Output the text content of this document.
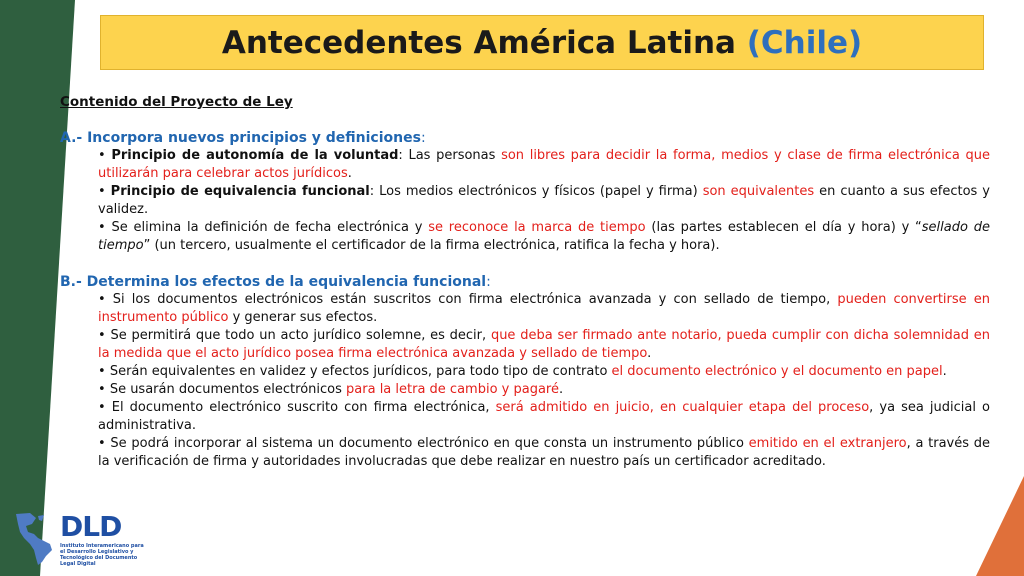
Antecedentes América Latina (Chile)
Contenido del Proyecto de Ley
A.- Incorpora nuevos principios y definiciones:
• Principio de autonomía de la voluntad: Las personas son libres para decidir la forma, medios y clase de firma electrónica que utilizarán para celebrar actos jurídicos.
• Principio de equivalencia funcional: Los medios electrónicos y físicos (papel y firma) son equivalentes en cuanto a sus efectos y validez.
• Se elimina la definición de fecha electrónica y se reconoce la marca de tiempo (las partes establecen el día y hora) y “sellado de tiempo” (un tercero, usualmente el certificador de la firma electrónica, ratifica la fecha y hora).
B.- Determina los efectos de la equivalencia funcional:
• Si los documentos electrónicos están suscritos con firma electrónica avanzada y con sellado de tiempo, pueden convertirse en instrumento público y generar sus efectos.
• Se permitirá que todo un acto jurídico solemne, es decir, que deba ser firmado ante notario, pueda cumplir con dicha solemnidad en la medida que el acto jurídico posea firma electrónica avanzada y sellado de tiempo.
• Serán equivalentes en validez y efectos jurídicos, para todo tipo de contrato el documento electrónico y el documento en papel.
• Se usarán documentos electrónicos para la letra de cambio y pagaré.
• El documento electrónico suscrito con firma electrónica, será admitido en juicio, en cualquier etapa del proceso, ya sea judicial o administrativa.
• Se podrá incorporar al sistema un documento electrónico en que consta un instrumento público emitido en el extranjero, a través de la verificación de firma y autoridades involucradas que debe realizar en nuestro país un certificador acreditado.
DLD
Instituto Interamericano para el Desarrollo Legislativo y Tecnológico del Documento Legal Digital
